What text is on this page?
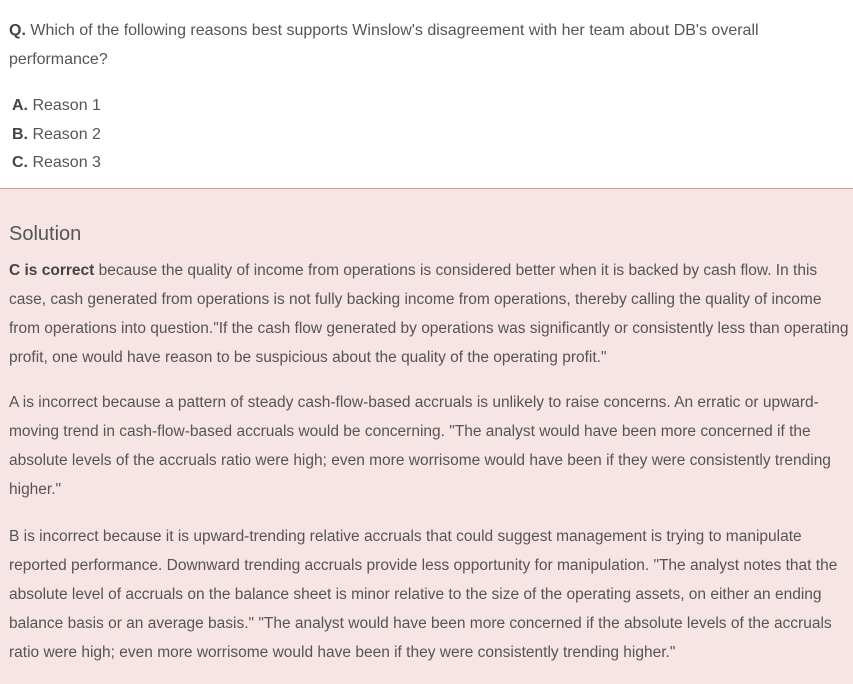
Q. Which of the following reasons best supports Winslow's disagreement with her team about DB's overall performance?
A. Reason 1
B. Reason 2
C. Reason 3
Solution

C is correct because the quality of income from operations is considered better when it is backed by cash flow. In this case, cash generated from operations is not fully backing income from operations, thereby calling the quality of income from operations into question."If the cash flow generated by operations was significantly or consistently less than operating profit, one would have reason to be suspicious about the quality of the operating profit."

A is incorrect because a pattern of steady cash-flow-based accruals is unlikely to raise concerns. An erratic or upward-moving trend in cash-flow-based accruals would be concerning. "The analyst would have been more concerned if the absolute levels of the accruals ratio were high; even more worrisome would have been if they were consistently trending higher."

B is incorrect because it is upward-trending relative accruals that could suggest management is trying to manipulate reported performance. Downward trending accruals provide less opportunity for manipulation. "The analyst notes that the absolute level of accruals on the balance sheet is minor relative to the size of the operating assets, on either an ending balance basis or an average basis." "The analyst would have been more concerned if the absolute levels of the accruals ratio were high; even more worrisome would have been if they were consistently trending higher."
